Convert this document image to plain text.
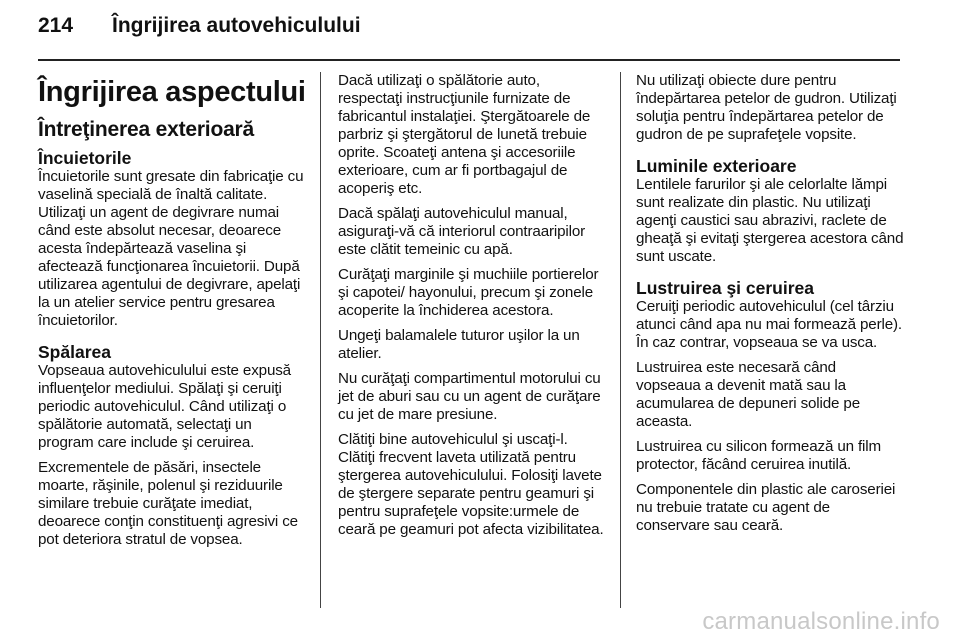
214	Îngrijirea autovehiculului
Îngrijirea aspectului
Întreţinerea exterioară
Încuietorile

Încuietorile sunt gresate din fabricaţie cu vaselină specială de înaltă calitate. Utilizaţi un agent de degivrare numai când este absolut necesar, deoarece acesta îndepărtează vaselina şi afectează funcţionarea încuietorii. După utilizarea agentului de degivrare, apelaţi la un atelier service pentru gresarea încuietorilor.

Spălarea

Vopseaua autovehiculului este expusă influenţelor mediului. Spălaţi şi ceruiţi periodic autovehiculul. Când utilizaţi o spălătorie automată, selectaţi un program care include şi ceruirea.

Excrementele de păsări, insectele moarte, răşinile, polenul şi reziduurile similare trebuie curăţate imediat, deoarece conţin constituenţi agresivi ce pot deteriora stratul de vopsea.

Dacă utilizaţi o spălătorie auto, respectaţi instrucţiunile furnizate de fabricantul instalaţiei. Ştergătoarele de parbriz şi ştergătorul de lunetă trebuie oprite. Scoateţi antena şi accesoriile exterioare, cum ar fi portbagajul de acoperiş etc.

Dacă spălaţi autovehiculul manual, asiguraţi-vă că interiorul contraaripilor este clătit temeinic cu apă.

Curăţaţi marginile şi muchiile portierelor şi capotei/ hayonului, precum şi zonele acoperite la închiderea acestora.

Ungeţi balamalele tuturor uşilor la un atelier.

Nu curăţaţi compartimentul motorului cu jet de aburi sau cu un agent de curăţare cu jet de mare presiune.

Clătiţi bine autovehiculul şi uscaţi-l. Clătiţi frecvent laveta utilizată pentru ştergerea autovehiculului. Folosiţi lavete de ştergere separate pentru geamuri şi pentru suprafeţele vopsite:urmele de ceară pe geamuri pot afecta vizibilitatea.

Nu utilizaţi obiecte dure pentru îndepărtarea petelor de gudron. Utilizaţi soluţia pentru îndepărtarea petelor de gudron de pe suprafeţele vopsite.

Luminile exterioare

Lentilele farurilor şi ale celorlalte lămpi sunt realizate din plastic. Nu utilizaţi agenţi caustici sau abrazivi, raclete de gheaţă şi evitaţi ştergerea acestora când sunt uscate.

Lustruirea şi ceruirea

Ceruiţi periodic autovehiculul (cel târziu atunci când apa nu mai formează perle). În caz contrar, vopseaua se va usca.

Lustruirea este necesară când vopseaua a devenit mată sau la acumularea de depuneri solide pe aceasta.

Lustruirea cu silicon formează un film protector, făcând ceruirea inutilă.

Componentele din plastic ale caroseriei nu trebuie tratate cu agent de conservare sau ceară.

carmanualsonline.info
